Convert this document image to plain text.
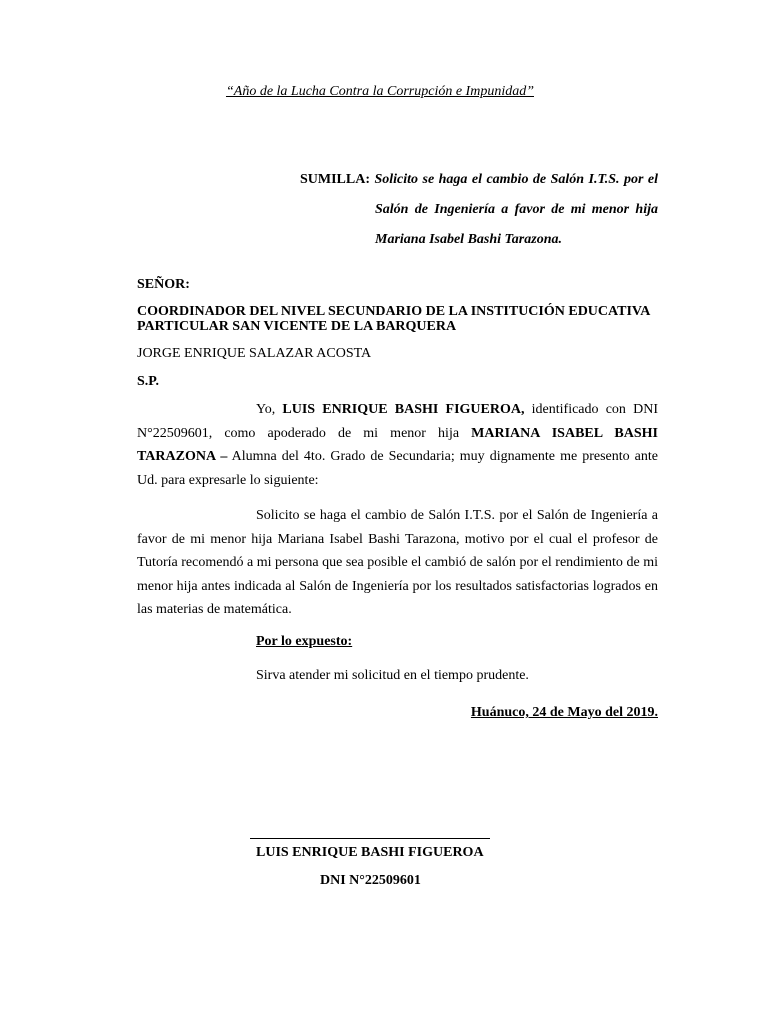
“Año de la Lucha Contra la Corrupción e Impunidad”
SUMILLA: Solicito se haga el cambio de Salón I.T.S. por el
Salón de Ingeniería a favor de mi menor hija
Mariana Isabel Bashi Tarazona.
SEÑOR:
COORDINADOR DEL NIVEL SECUNDARIO DE LA INSTITUCIÓN EDUCATIVA PARTICULAR SAN VICENTE DE LA BARQUERA
JORGE ENRIQUE SALAZAR ACOSTA
S.P.
Yo, LUIS ENRIQUE BASHI FIGUEROA, identificado con DNI N°22509601, como apoderado de mi menor hija MARIANA ISABEL BASHI TARAZONA – Alumna del 4to. Grado de Secundaria; muy dignamente me presento ante Ud. para expresarle lo siguiente:
Solicito se haga el cambio de Salón I.T.S. por el Salón de Ingeniería a favor de mi menor hija Mariana Isabel Bashi Tarazona, motivo por el cual el profesor de Tutoría recomendó a mi persona que sea posible el cambió de salón por el rendimiento de mi menor hija antes indicada al Salón de Ingeniería por los resultados satisfactorias logrados en las materias de matemática.
Por lo expuesto:
Sirva atender mi solicitud en el tiempo prudente.
Huánuco, 24 de Mayo del 2019.
LUIS ENRIQUE BASHI FIGUEROA
DNI N°22509601
